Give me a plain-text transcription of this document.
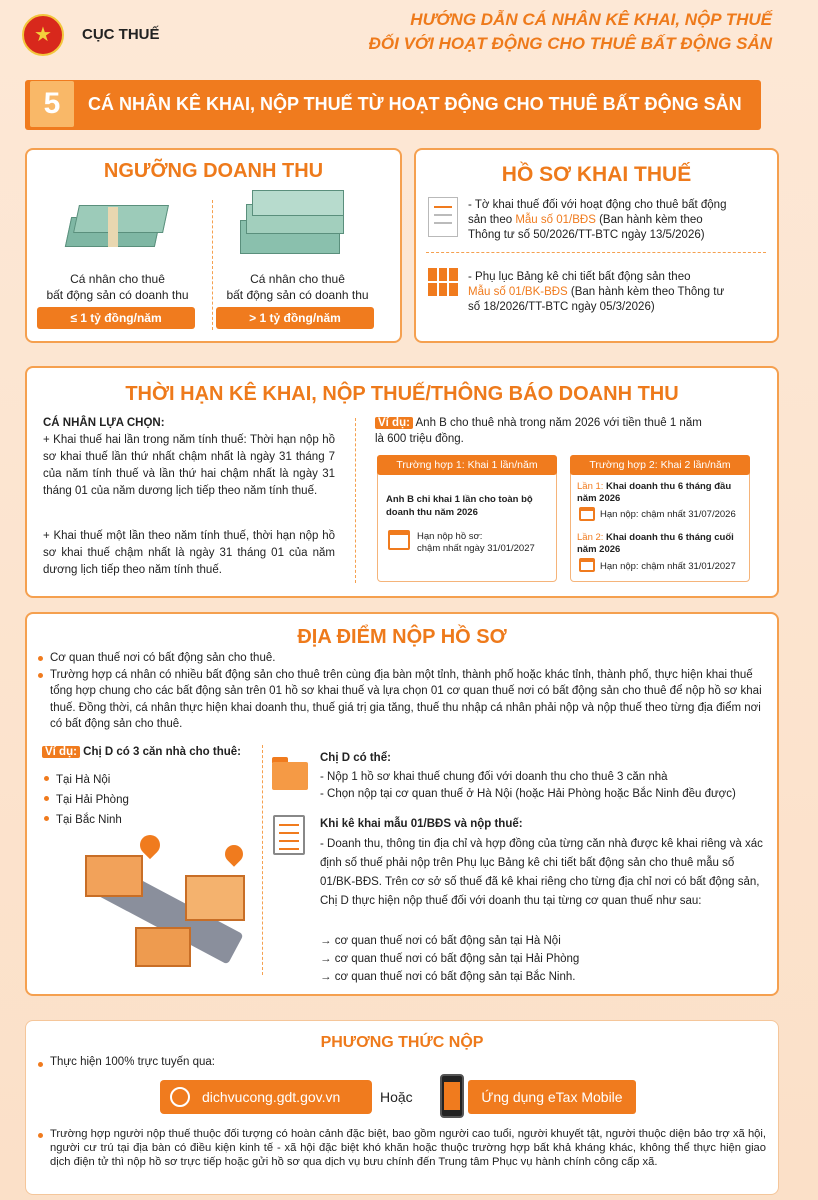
★ CỤC THUẾ
HƯỚNG DẪN CÁ NHÂN KÊ KHAI, NỘP THUẾ
ĐỐI VỚI HOẠT ĐỘNG CHO THUÊ BẤT ĐỘNG SẢN
5	CÁ NHÂN KÊ KHAI, NỘP THUẾ TỪ HOẠT ĐỘNG CHO THUÊ BẤT ĐỘNG SẢN
NGƯỠNG DOANH THU
Cá nhân cho thuê
bất động sản có doanh thu
≤ 1 tỷ đồng/năm
Cá nhân cho thuê
bất động sản có doanh thu
> 1 tỷ đồng/năm
HỒ SƠ KHAI THUẾ
- Tờ khai thuế đối với hoạt động cho thuê bất động
sản theo Mẫu số 01/BĐS (Ban hành kèm theo
Thông tư số 50/2026/TT-BTC ngày 13/5/2026)
- Phụ lục Bảng kê chi tiết bất động sản theo
Mẫu số 01/BK-BĐS (Ban hành kèm theo Thông tư
số 18/2026/TT-BTC ngày 05/3/2026)
THỜI HẠN KÊ KHAI, NỘP THUẾ/THÔNG BÁO DOANH THU
CÁ NHÂN LỰA CHỌN:
+ Khai thuế hai lần trong năm tính thuế: Thời hạn nộp hồ sơ khai thuế lần thứ nhất chậm nhất là ngày 31 tháng 7 của năm tính thuế và lần thứ hai chậm nhất là ngày 31 tháng 01 của năm dương lịch tiếp theo năm tính thuế.
+ Khai thuế một lần theo năm tính thuế, thời hạn nộp hồ sơ khai thuế chậm nhất là ngày 31 tháng 01 của năm dương lịch tiếp theo năm tính thuế.
Ví dụ: Anh B cho thuê nhà trong năm 2026 với tiền thuê 1 năm
là 600 triệu đồng.
Trường hợp 1: Khai 1 lần/năm
Anh B chỉ khai 1 lần cho toàn bộ doanh thu năm 2026
Hạn nộp hồ sơ:
chậm nhất ngày 31/01/2027
Trường hợp 2: Khai 2 lần/năm
Lần 1: Khai doanh thu 6 tháng đầu năm 2026
Hạn nộp: chậm nhất 31/07/2026
Lần 2: Khai doanh thu 6 tháng cuối năm 2026
Hạn nộp: chậm nhất 31/01/2027
ĐỊA ĐIỂM NỘP HỒ SƠ
Cơ quan thuế nơi có bất động sản cho thuê.
Trường hợp cá nhân có nhiều bất động sản cho thuê trên cùng địa bàn một tỉnh, thành phố hoặc khác tỉnh, thành phố, thực hiện khai thuế tổng hợp chung cho các bất động sản trên 01 hồ sơ khai thuế và lựa chọn 01 cơ quan thuế nơi có bất động sản cho thuê để nộp hồ sơ khai thuế. Đồng thời, cá nhân thực hiện khai doanh thu, thuế giá trị gia tăng, thuế thu nhập cá nhân phải nộp và nộp thuế theo từng địa điểm nơi có bất động sản cho thuê.
Ví dụ: Chị D có 3 căn nhà cho thuê:
Tại Hà Nội
Tại Hải Phòng
Tại Bắc Ninh
Chị D có thể:
- Nộp 1 hồ sơ khai thuế chung đối với doanh thu cho thuê 3 căn nhà
- Chọn nộp tại cơ quan thuế ở Hà Nội (hoặc Hải Phòng hoặc Bắc Ninh đều được)
Khi kê khai mẫu 01/BĐS và nộp thuế:
- Doanh thu, thông tin địa chỉ và hợp đồng của từng căn nhà được kê khai riêng và xác định số thuế phải nộp trên Phụ lục Bảng kê chi tiết bất động sản cho thuê mẫu số 01/BK-BĐS. Trên cơ sở số thuế đã kê khai riêng cho từng địa chỉ nơi có bất động sản, Chị D thực hiện nộp thuế đối với doanh thu tại từng cơ quan thuế như sau:
→ cơ quan thuế nơi có bất động sản tại Hà Nội
→ cơ quan thuế nơi có bất động sản tại Hải Phòng
→ cơ quan thuế nơi có bất động sản tại Bắc Ninh.
PHƯƠNG THỨC NỘP
Thực hiện 100% trực tuyến qua:
dichvucong.gdt.gov.vn	Hoặc	Ứng dụng eTax Mobile
Trường hợp người nộp thuế thuộc đối tượng có hoàn cảnh đặc biệt, bao gồm người cao tuổi, người khuyết tật, người thuộc diện bảo trợ xã hội, người cư trú tại địa bàn có điều kiện kinh tế - xã hội đặc biệt khó khăn hoặc thuộc trường hợp bất khả kháng khác, không thể thực hiện giao dịch điện tử thì nộp hồ sơ trực tiếp hoặc gửi hồ sơ qua dịch vụ bưu chính đến Trung tâm Phục vụ hành chính công cấp xã.
